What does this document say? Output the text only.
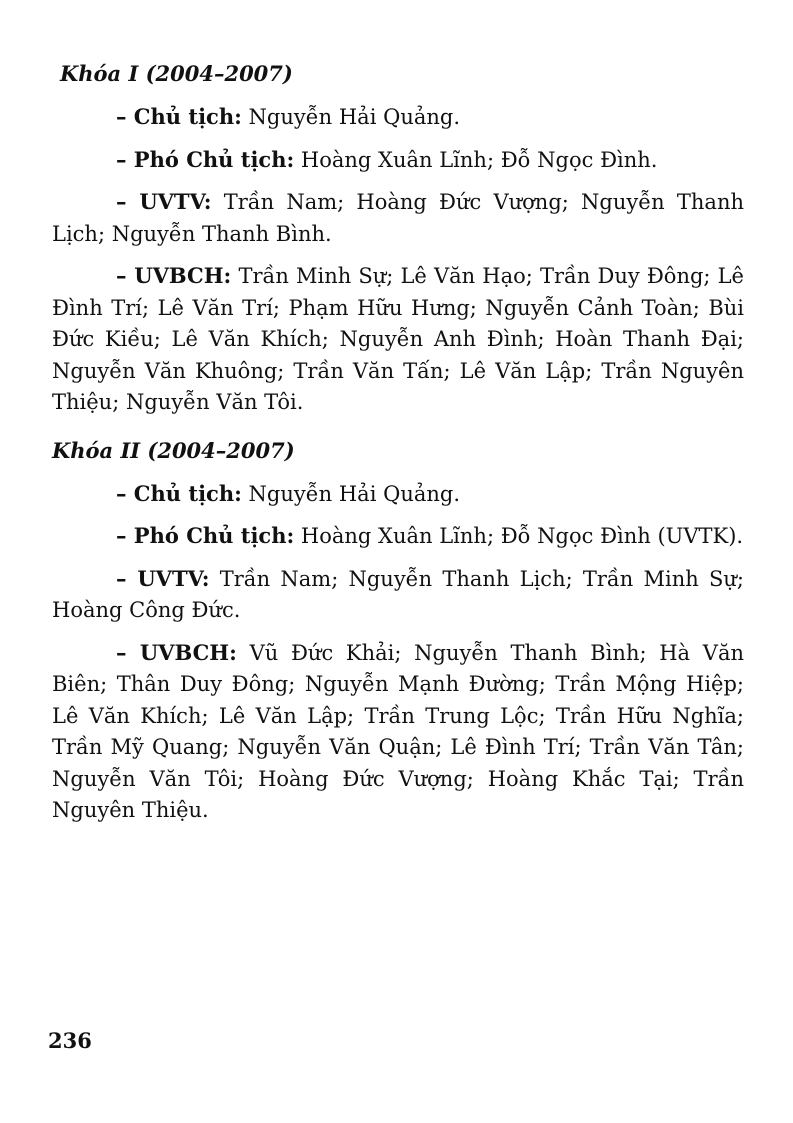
Khóa I (2004–2007)

– Chủ tịch: Nguyễn Hải Quảng.

– Phó Chủ tịch: Hoàng Xuân Lĩnh; Đỗ Ngọc Đình.

– UVTV: Trần Nam; Hoàng Đức Vượng; Nguyễn Thanh Lịch; Nguyễn Thanh Bình.

– UVBCH: Trần Minh Sự; Lê Văn Hạo; Trần Duy Đông; Lê Đình Trí; Lê Văn Trí; Phạm Hữu Hưng; Nguyễn Cảnh Toàn; Bùi Đức Kiều; Lê Văn Khích; Nguyễn Anh Đình; Hoàn Thanh Đại; Nguyễn Văn Khuông; Trần Văn Tấn; Lê Văn Lập; Trần Nguyên Thiệu; Nguyễn Văn Tôi.

Khóa II (2004–2007)

– Chủ tịch: Nguyễn Hải Quảng.

– Phó Chủ tịch: Hoàng Xuân Lĩnh; Đỗ Ngọc Đình (UVTK).

– UVTV: Trần Nam; Nguyễn Thanh Lịch; Trần Minh Sự; Hoàng Công Đức.

– UVBCH: Vũ Đức Khải; Nguyễn Thanh Bình; Hà Văn Biên; Thân Duy Đông; Nguyễn Mạnh Đường; Trần Mộng Hiệp; Lê Văn Khích; Lê Văn Lập; Trần Trung Lộc; Trần Hữu Nghĩa; Trần Mỹ Quang; Nguyễn Văn Quận; Lê Đình Trí; Trần Văn Tân; Nguyễn Văn Tôi; Hoàng Đức Vượng; Hoàng Khắc Tại; Trần Nguyên Thiệu.

236
